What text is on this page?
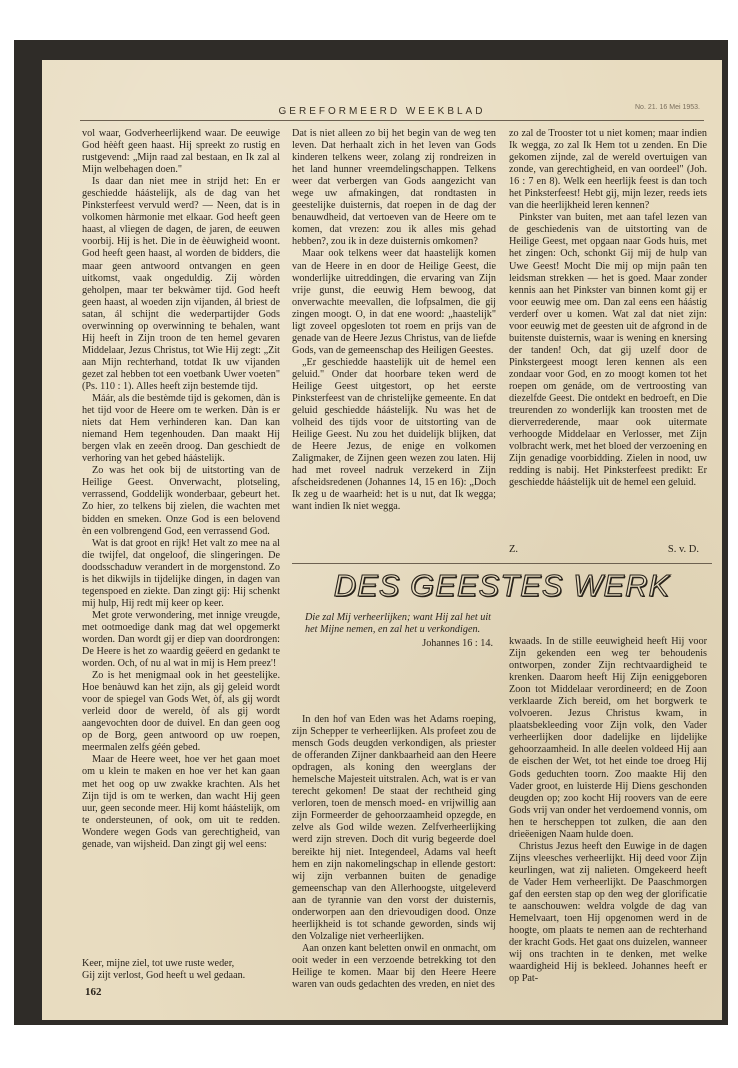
GEREFORMEERD WEEKBLAD	No. 21. 16 Mei 1953.

vol waar, Godverheerlijkend waar. De eeuwige God hèèft geen haast. Hij spreekt zo rustig en rustgevend: „Mijn raad zal bestaan, en Ik zal al Mijn welbehagen doen."

Is daar dan niet mee in strijd het: En er geschiedde háástelijk, als de dag van het Pinksterfeest vervuld werd? — Neen, dat is in volkomen hàrmonie met elkaar. God heeft geen haast, al vliegen de dagen, de jaren, de eeuwen voorbij. Hij is het. Die in de èèuwigheid woont. God heeft geen haast, al worden de bidders, die maar geen antwoord ontvangen en geen uitkomst, vaak ongeduldig. Zij wòrden geholpen, maar ter bekwàmer tijd. God heeft geen haast, al woeden zijn vijanden, ál briest de satan, ál schijnt die wederpartijder Gods overwinning op overwinning te behalen, want Hij heeft in Zijn troon de ten hemel gevaren Middelaar, Jezus Christus, tot Wie Hij zegt: „Zit aan Mijn rechterhand, totdat Ik uw vijanden gezet zal hebben tot een voetbank Uwer voeten" (Ps. 110 : 1). Alles heeft zijn bestemde tijd.

Máár, als die bestèmde tijd is gekomen, dàn is het tijd voor de Heere om te werken. Dàn is er niets dat Hem verhinderen kan. Dan kan niemand Hem tegenhouden. Dan maakt Hij bergen vlak en zeeën droog. Dan geschiedt de verhoring van het gebed háástelijk.

Zo was het ook bij de uitstorting van de Heilige Geest. Onverwacht, plotseling, verrassend, Goddelijk wonderbaar, gebeurt het. Zo hier, zo telkens bij zielen, die wachten met bidden en smeken. Onze God is een belovend èn een volbrengend God, een verrassend God.

Wat is dat groot en rijk! Het valt zo mee na al die twijfel, dat ongeloof, die slingeringen. De doodsschaduw verandert in de morgenstond. Zo is het dikwijls in tijdelijke dingen, in dagen van tegenspoed en ziekte. Dan zingt gij: Hij schenkt mij hulp, Hij redt mij keer op keer.

Met grote verwondering, met innige vreugde, met ootmoedige dank mag dat wel opgemerkt worden. Dan wordt gij er diep van doordrongen: De Heere is het zo waardig geëerd en gedankt te worden. Och, of nu al wat in mij is Hem preez'!

Zo is het menigmaal ook in het geestelijke. Hoe benàuwd kan het zijn, als gij geleid wordt voor de spiegel van Gods Wet, òf, als gij wordt verleid door de wereld, òf als gij wordt aangevochten door de duivel. En dan geen oog op de Borg, geen antwoord op uw roepen, meermalen zelfs géén gebed.

Maar de Heere weet, hoe ver het gaan moet om u klein te maken en hoe ver het kan gaan met het oog op uw zwakke krachten. Als het Zijn tijd is om te werken, dan wacht Hij geen uur, geen seconde meer. Hij komt háástelijk, om te ondersteunen, of ook, om uit te redden. Wondere wegen Gods van gerechtigheid, van genade, van wijsheid. Dan zingt gij wel eens:

Keer, mijne ziel, tot uwe ruste weder,
Gij zijt verlost, God heeft u wel gedaan.
162

Dat is niet alleen zo bij het begin van de weg ten leven. Dat herhaalt zich in het leven van Gods kinderen telkens weer, zolang zij rondreizen in het land hunner vreemdelingschappen. Telkens weer dat verbergen van Gods aangezicht van wege uw afmakingen, dat rondtasten in geestelijke duisternis, dat roepen in de dag der benauwdheid, dat vertoeven van de Heere om te komen, dat vrezen: zou ik alles mis gehad hebben?, zou ik in deze duisternis omkomen?

Maar ook telkens weer dat haastelijk komen van de Heere in en door de Heilige Geest, die wonderlijke uitreddingen, die ervaring van Zijn vrije gunst, die eeuwig Hem bewoog, dat onverwachte meevallen, die lofpsalmen, die gij zingen moogt. O, in dat ene woord: „haastelijk" ligt zoveel opgesloten tot roem en prijs van de genade van de Heere Jezus Christus, van de liefde Gods, van de gemeenschap des Heiligen Geestes.

„Er geschiedde haastelijk uit de hemel een geluid." Onder dat hoorbare teken werd de Heilige Geest uitgestort, op het eerste Pinksterfeest van de christelijke gemeente. En dat geluid geschiedde háástelijk. Nu was het de volheid des tijds voor de uitstorting van de Heilige Geest. Nu zou het duidelijk blijken, dat de Heere Jezus, de enige en volkomen Zaligmaker, de Zijnen geen wezen zou laten. Hij had met roveel nadruk verzekerd in Zijn afscheidsredenen (Johannes 14, 15 en 16): „Doch Ik zeg u de waarheid: het is u nut, dat Ik wegga; want indien Ik niet wegga.

zo zal de Trooster tot u niet komen; maar indien Ik wegga, zo zal Ik Hem tot u zenden. En Die gekomen zijnde, zal de wereld overtuigen van zonde, van gerechtigheid, en van oordeel" (Joh. 16 : 7 en 8). Welk een heerlijk feest is dan toch het Pinksterfeest! Hebt gij, mijn lezer, reeds iets van die heerlijkheid leren kennen?

Pinkster van buiten, met aan tafel lezen van de geschiedenis van de uitstorting van de Heilige Geest, met opgaan naar Gods huis, met het zingen: Och, schonkt Gij mij de hulp van Uwe Geest! Mocht Die mij op mijn paân ten leidsman strekken — het is goed. Maar zonder kennis aan het Pinkster van binnen komt gij er voor eeuwig mee om. Dan zal eens een háástig verderf over u komen. Wat zal dat niet zijn: voor eeuwig met de geesten uit de afgrond in de buitenste duisternis, waar is wening en knersing der tanden! Och, dat gij uzelf door de Pinkstergeest moogt leren kennen als een zondaar voor God, en zo moogt komen tot het roepen om genáde, om de vertroosting van diezelfde Geest. Die ontdekt en bedroeft, en Die treurenden zo wonderlijk kan troosten met de dierverrederende, maar ook uitermate verhoogde Middelaar en Verlosser, met Zijn volbracht werk, met het bloed der verzoening en Zijn genadige voorbidding. Zielen in nood, uw redding is nabij. Het Pinksterfeest predikt: Er geschiedde háástelijk uit de hemel een geluid.

Z.	S. v. D.
DES GEESTES WERK
Die zal Mij verheerlijken; want Hij zal het uit het Mijne nemen, en zal het u verkondigen.
Johannes 16 : 14.

In den hof van Eden was het Adams roeping, zijn Schepper te verheerlijken. Als profeet zou de mensch Gods deugden verkondigen, als priester de offeranden Zijner dankbaarheid aan den Heere opdragen, als koning den weerglans der hemelsche Majesteit uitstralen. Ach, wat is er van terecht gekomen! De staat der rechtheid ging verloren, toen de mensch moed- en vrijwillig aan zijn Formeerder de gehoorzaamheid opzegde, en zelve als God wilde wezen. Zelfverheerlijking werd zijn streven. Doch dit vurig begeerde doel bereikte hij niet. Integendeel, Adams val heeft hem en zijn nakomelingschap in ellende gestort: wij zijn verbannen buiten de genadige gemeenschap van den Allerhoogste, uitgeleverd aan de tyrannie van den vorst der duisternis, onderworpen aan den drievoudigen dood. Onze heerlijkheid is tot schande geworden, sinds wij den Volzalige niet verheerlijken.

Aan onzen kant beletten onwil en onmacht, om ooit weder in een verzoende betrekking tot den Heilige te komen. Maar bij den Heere Heere waren van ouds gedachten des vreden, en niet des

kwaads. In de stille eeuwigheid heeft Hij voor Zijn gekenden een weg ter behoudenis ontworpen, zonder Zijn rechtvaardigheid te krenken. Daarom heeft Hij Zijn eeniggeboren Zoon tot Middelaar verordineerd; en de Zoon verklaarde Zich bereid, om het borgwerk te volvoeren. Jezus Christus kwam, in plaatsbekleeding voor Zijn volk, den Vader verheerlijken door dadelijke en lijdelijke gehoorzaamheid. In alle deelen voldeed Hij aan de eischen der Wet, tot het einde toe droeg Hij Gods geduchten toorn. Zoo maakte Hij den Vader groot, en luisterde Hij Diens geschonden deugden op; zoo kocht Hij roovers van de eere Gods vrij van onder het verdoemend vonnis, om hen te herscheppen tot zulken, die aan den drieëenigen Naam hulde doen.

Christus Jezus heeft den Euwige in de dagen Zijns vleesches verheerlijkt. Hij deed voor Zijn keurlingen, wat zij nalieten. Omgekeerd heeft de Vader Hem verheerlijkt. De Paaschmorgen gaf den eersten stap op den weg der glorificatie te aanschouwen: weldra volgde de dag van Hemelvaart, toen Hij opgenomen werd in de hoogte, om plaats te nemen aan de rechterhand der kracht Gods. Het gaat ons duizelen, wanneer wij ons trachten in te denken, met welke waardigheid Hij is bekleed. Johannes heeft er op Pat-
